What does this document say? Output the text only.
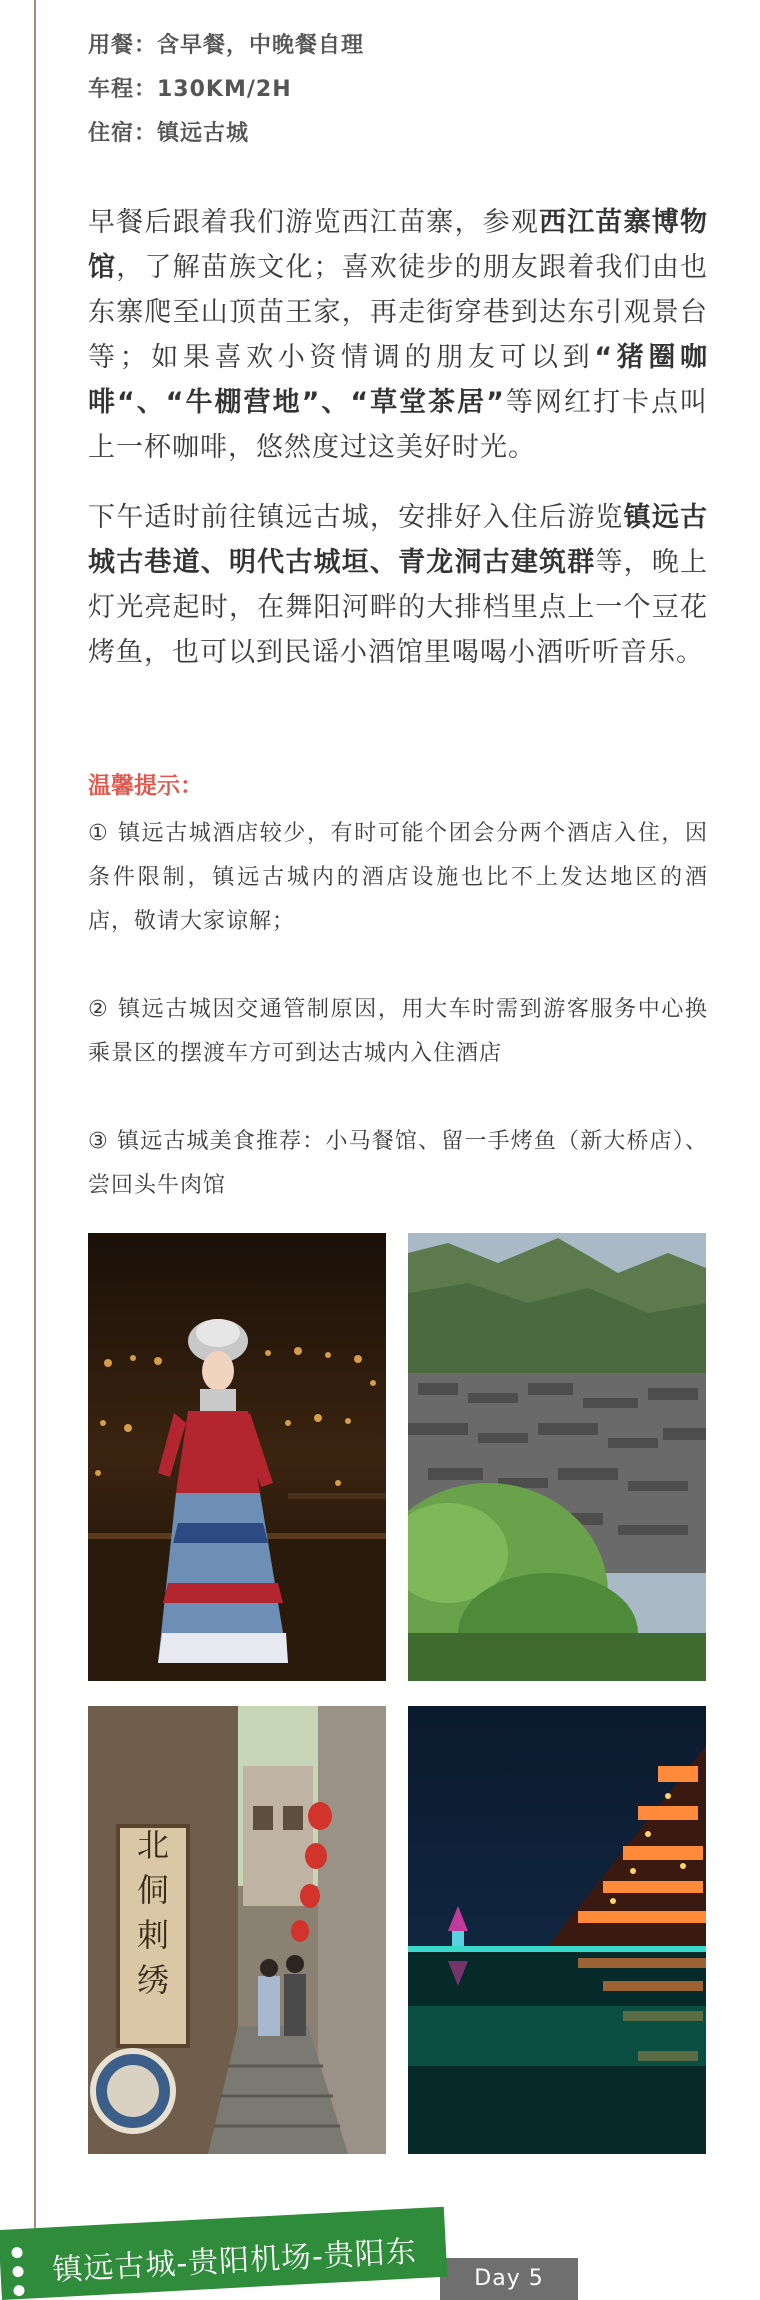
用餐：含早餐，中晚餐自理
车程：130KM/2H
住宿：镇远古城

早餐后跟着我们游览西江苗寨，参观西江苗寨博物馆，了解苗族文化；喜欢徒步的朋友跟着我们由也东寨爬至山顶苗王家，再走街穿巷到达东引观景台等；如果喜欢小资情调的朋友可以到“猪圈咖啡“、“牛棚营地”、“草堂茶居”等网红打卡点叫上一杯咖啡，悠然度过这美好时光。

下午适时前往镇远古城，安排好入住后游览镇远古城古巷道、明代古城垣、青龙洞古建筑群等，晚上灯光亮起时，在舞阳河畔的大排档里点上一个豆花烤鱼，也可以到民谣小酒馆里喝喝小酒听听音乐。

温馨提示：

① 镇远古城酒店较少，有时可能个团会分两个酒店入住，因条件限制，镇远古城内的酒店设施也比不上发达地区的酒店，敬请大家谅解；

② 镇远古城因交通管制原因，用大车时需到游客服务中心换乘景区的摆渡车方可到达古城内入住酒店

③ 镇远古城美食推荐：小马餐馆、留一手烤鱼（新大桥店）、尝回头牛肉馆

北
侗
刺
绣
Day 5
镇远古城-贵阳机场-贵阳东
